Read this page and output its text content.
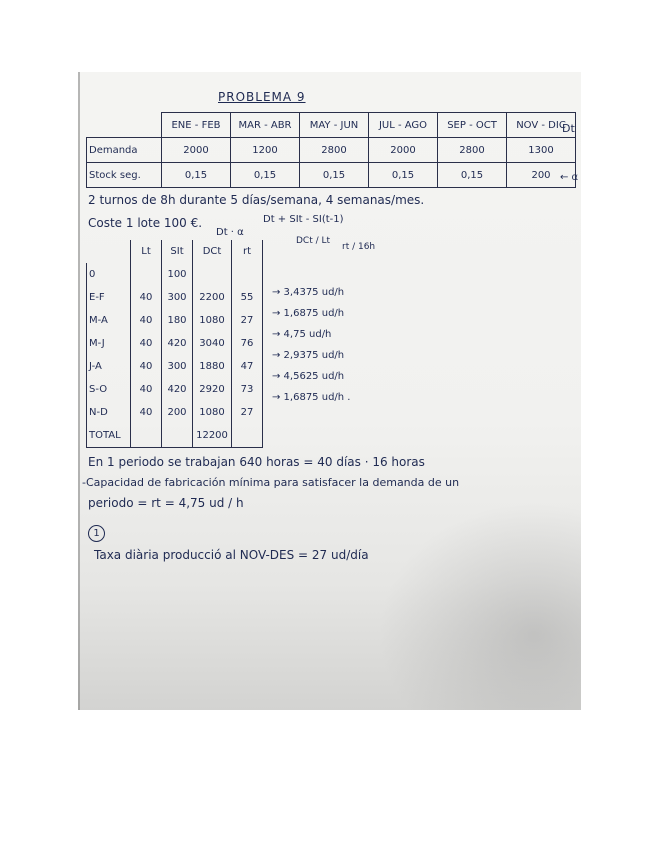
PROBLEMA 9
	ENE - FEB	MAR - ABR	MAY - JUN	JUL - AGO	SEP - OCT	NOV - DIC
Demanda	2000	1200	2800	2000	2800	1300
Stock seg.	0,15	0,15	0,15	0,15	0,15	200
Dt
← α
2 turnos de 8h durante 5 días/semana, 4 semanas/mes.
Coste 1 lote 100 €.	Dt + SIt - SI(t-1)
Dt · α
DCt / Lt
rt / 16h
	Lt	SIt	DCt	rt
0		100		
E-F	40	300	2200	55
M-A	40	180	1080	27
M-J	40	420	3040	76
J-A	40	300	1880	47
S-O	40	420	2920	73
N-D	40	200	1080	27
TOTAL			12200	
→ 3,4375 ud/h
→ 1,6875 ud/h
→ 4,75 ud/h
→ 2,9375 ud/h
→ 4,5625 ud/h
→ 1,6875 ud/h .
En 1 periodo se trabajan 640 horas = 40 días · 16 horas
-Capacidad de fabricación mínima para satisfacer la demanda de un
periodo = rt = 4,75 ud / h
1
Taxa diària producció al NOV-DES = 27 ud/día
